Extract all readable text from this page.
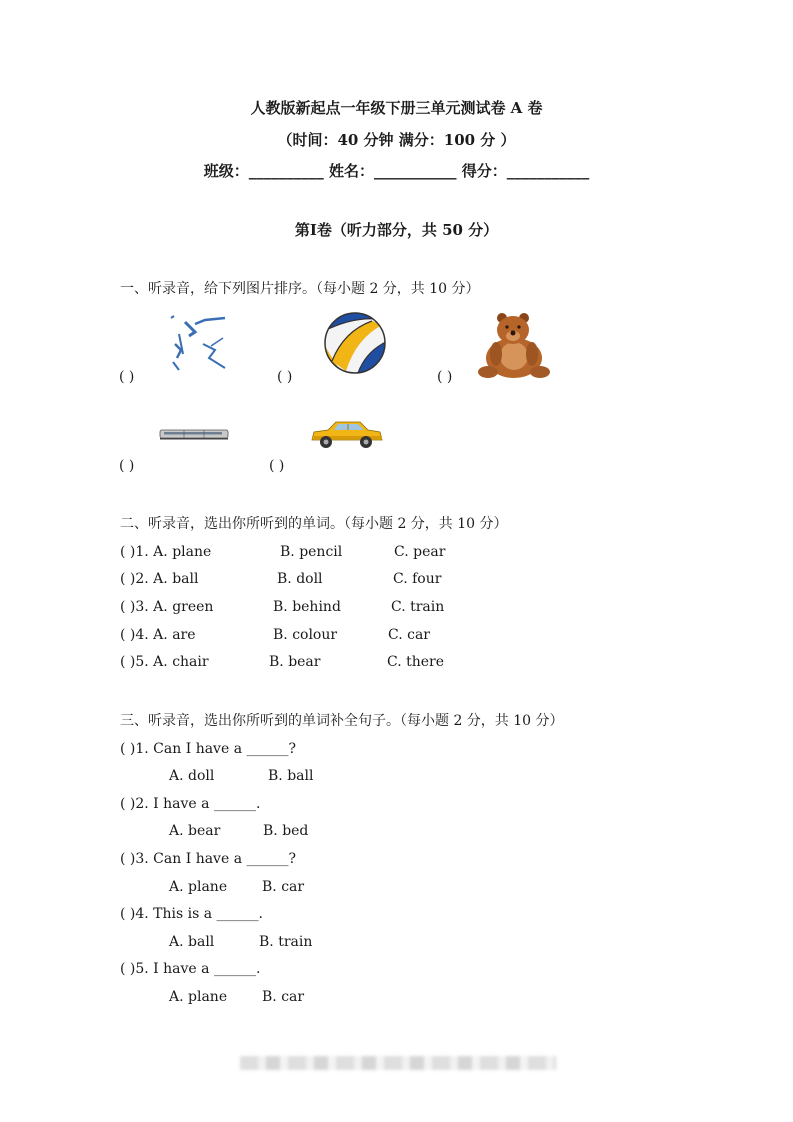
人教版新起点一年级下册三单元测试卷 A 卷
（时间：40 分钟 满分：100 分 ）
班级：__________ 姓名：___________ 得分：___________
第I卷（听力部分，共 50 分）
一、听录音，给下列图片排序。（每小题 2 分，共 10 分）
( )	( )	( )
( )	( )
二、听录音，选出你所听到的单词。（每小题 2 分，共 10 分）
( )1. A. plane	B. pencil	C. pear
( )2. A. ball	B. doll	C. four
( )3. A. green	B. behind	C. train
( )4. A. are	B. colour	C. car
( )5. A. chair	B. bear	C. there
三、听录音，选出你所听到的单词补全句子。（每小题 2 分，共 10 分）
( )1. Can I have a ______?
A. doll	B. ball
( )2. I have a ______.
A. bear	B. bed
( )3. Can I have a ______?
A. plane B. car
( )4. This is a ______.
A. ball	B. train
( )5. I have a ______.
A. plane B. car
